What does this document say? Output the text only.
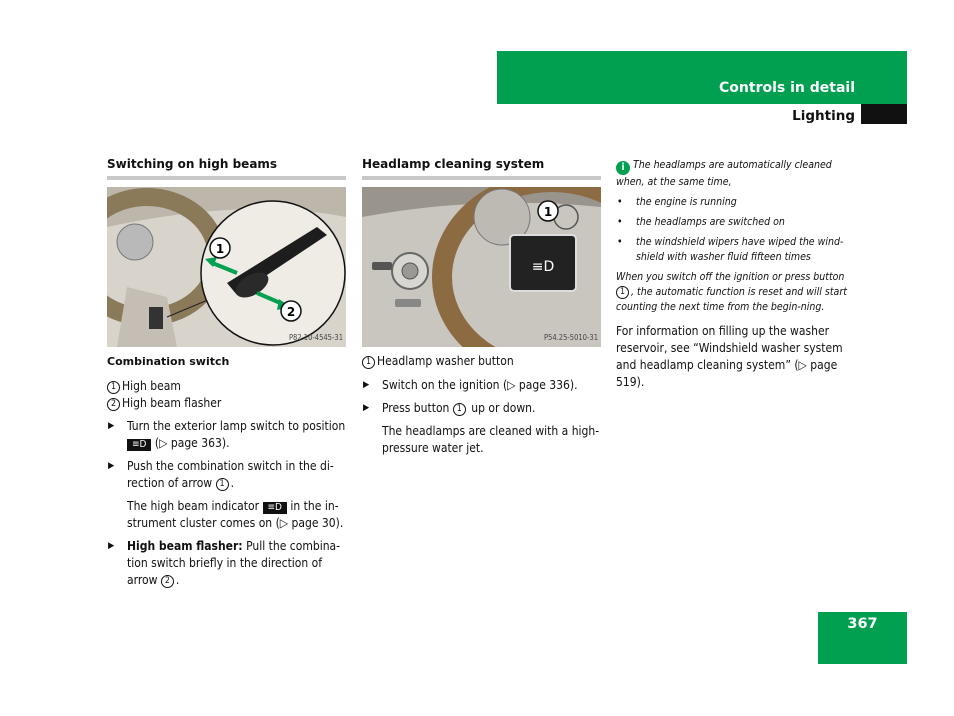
Controls in detail
Lighting
Switching on high beams
1
2
P82.10-4545-31
Combination switch

1 High beam

2 High beam flasher

▶ Turn the exterior lamp switch to position ≡D (▷ page 363).
▶ Push the combination switch in the di-rection of arrow 1 .
The high beam indicator ≡D in the in-strument cluster comes on (▷ page 30).
▶ High beam flasher: Pull the combina-tion switch briefly in the direction of arrow 2 .
Headlamp cleaning system
≡D
1
P54.25-5010-31

1 Headlamp washer button

▶ Switch on the ignition (▷ page 336).
▶ Press button 1 up or down.
The headlamps are cleaned with a high-pressure water jet.

i The headlamps are automatically cleaned when, at the same time,

• the engine is running
• the headlamps are switched on
• the windshield wipers have wiped the wind-shield with washer fluid fifteen times

When you switch off the ignition or press button 1 , the automatic function is reset and will start counting the next time from the begin-ning.

For information on filling up the washer reservoir, see “Windshield washer system and headlamp cleaning system” (▷ page 519).

367
